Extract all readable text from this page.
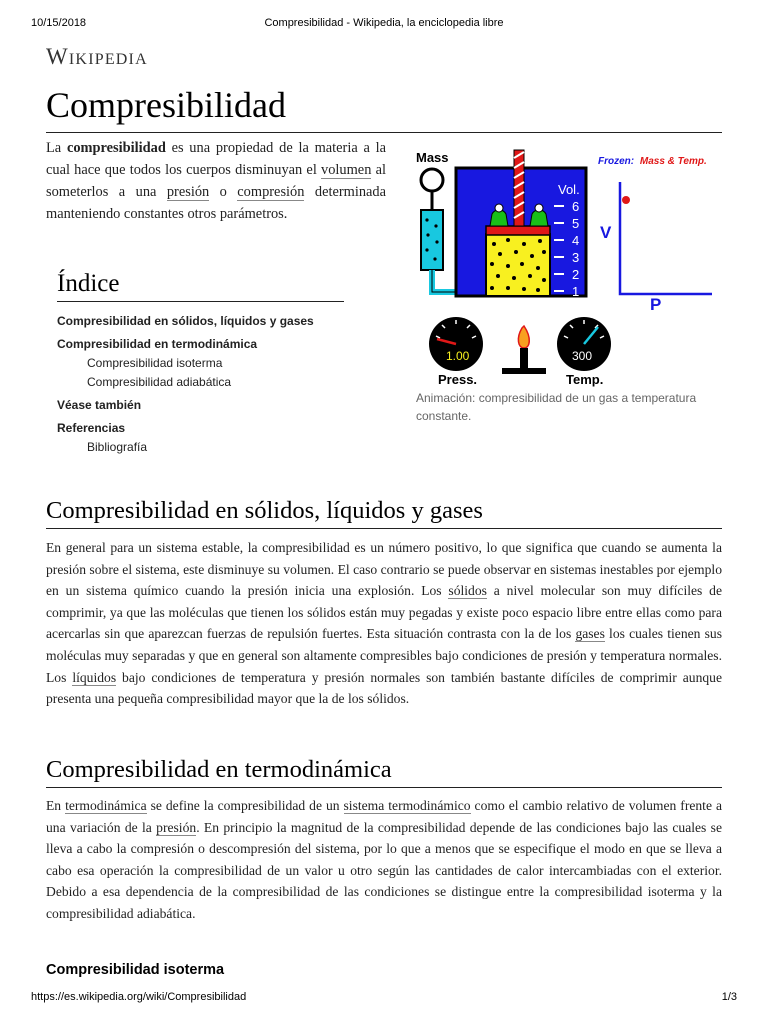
10/15/2018	Compresibilidad - Wikipedia, la enciclopedia libre
Wikipedia
Compresibilidad
La compresibilidad es una propiedad de la materia a la cual hace que todos los cuerpos disminuyan el volumen al someterlos a una presión o compresión determinada manteniendo constantes otros parámetros.
Índice
Compresibilidad en sólidos, líquidos y gases
Compresibilidad en termodinámica
Compresibilidad isoterma
Compresibilidad adiabática
Véase también
Referencias
Bibliografía
Mass
Vol.
6
5
4
3
2
1
Frozen: Mass & Temp.
V
P
1.00
Press.
300
Temp.
Animación: compresibilidad de un gas a temperatura constante.
Compresibilidad en sólidos, líquidos y gases
En general para un sistema estable, la compresibilidad es un número positivo, lo que significa que cuando se aumenta la presión sobre el sistema, este disminuye su volumen. El caso contrario se puede observar en sistemas inestables por ejemplo en un sistema químico cuando la presión inicia una explosión. Los sólidos a nivel molecular son muy difíciles de comprimir, ya que las moléculas que tienen los sólidos están muy pegadas y existe poco espacio libre entre ellas como para acercarlas sin que aparezcan fuerzas de repulsión fuertes. Esta situación contrasta con la de los gases los cuales tienen sus moléculas muy separadas y que en general son altamente compresibles bajo condiciones de presión y temperatura normales. Los líquidos bajo condiciones de temperatura y presión normales son también bastante difíciles de comprimir aunque presenta una pequeña compresibilidad mayor que la de los sólidos.
Compresibilidad en termodinámica
En termodinámica se define la compresibilidad de un sistema termodinámico como el cambio relativo de volumen frente a una variación de la presión. En principio la magnitud de la compresibilidad depende de las condiciones bajo las cuales se lleva a cabo la compresión o descompresión del sistema, por lo que a menos que se especifique el modo en que se lleva a cabo esa operación la compresibilidad de un valor u otro según las cantidades de calor intercambiadas con el exterior. Debido a esa dependencia de la compresibilidad de las condiciones se distingue entre la compresibilidad isoterma y la compresibilidad adiabática.
Compresibilidad isoterma
https://es.wikipedia.org/wiki/Compresibilidad	1/3
